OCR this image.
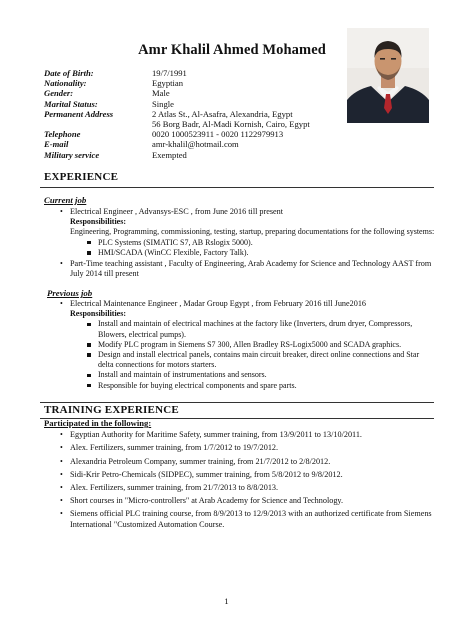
Amr Khalil Ahmed Mohamed
Date of Birth:	19/7/1991
Nationality:	Egyptian
Gender:	Male
Marital Status:	Single
Permanent Address	2 Atlas St., Al-Asafra, Alexandria, Egypt
56 Borg Badr, Al-Madi Kornish, Cairo, Egypt
Telephone	0020 1000523911 - 0020 1122979913
E-mail	amr-khalil@hotmail.com
Military service	Exempted
EXPERIENCE
Current job
• Electrical Engineer , Advansys-ESC , from June 2016 till present
Responsibilities:
Engineering, Programming, commissioning, testing, startup, preparing documentations for the following systems:
PLC Systems (SIMATIC S7, AB Rslogix 5000).
HMI/SCADA (WinCC Flexible, Factory Talk).
• Part-Time teaching assistant , Faculty of Engineering, Arab Academy for Science and Technology AAST from July 2014 till present
Previous job
• Electrical Maintenance Engineer , Madar Group Egypt , from February 2016 till June2016
Responsibilities:
Install and maintain of electrical machines at the factory like (Inverters, drum dryer, Compressors, Blowers, electrical pumps).
Modify PLC program in Siemens S7 300, Allen Bradley RS-Logix5000 and SCADA graphics.
Design and install electrical panels, contains main circuit breaker, direct online connections and Star delta connections for motors starters.
Install and maintain of instrumentations and sensors.
Responsible for buying electrical components and spare parts.
TRAINING EXPERIENCE
Participated in the following:
• Egyptian Authority for Maritime Safety, summer training, from 13/9/2011 to 13/10/2011.
• Alex. Fertilizers, summer training, from 1/7/2012 to 19/7/2012.
• Alexandria Petroleum Company, summer training, from 21/7/2012 to 2/8/2012.
• Sidi-Krir Petro-Chemicals (SIDPEC), summer training, from 5/8/2012 to 9/8/2012.
• Alex. Fertilizers, summer training, from 21/7/2013 to 8/8/2013.
• Short courses in "Micro-controllers" at Arab Academy for Science and Technology.
• Siemens official PLC training course, from 8/9/2013 to 12/9/2013 with an authorized certificate from Siemens International "Customized Automation Course.
1
